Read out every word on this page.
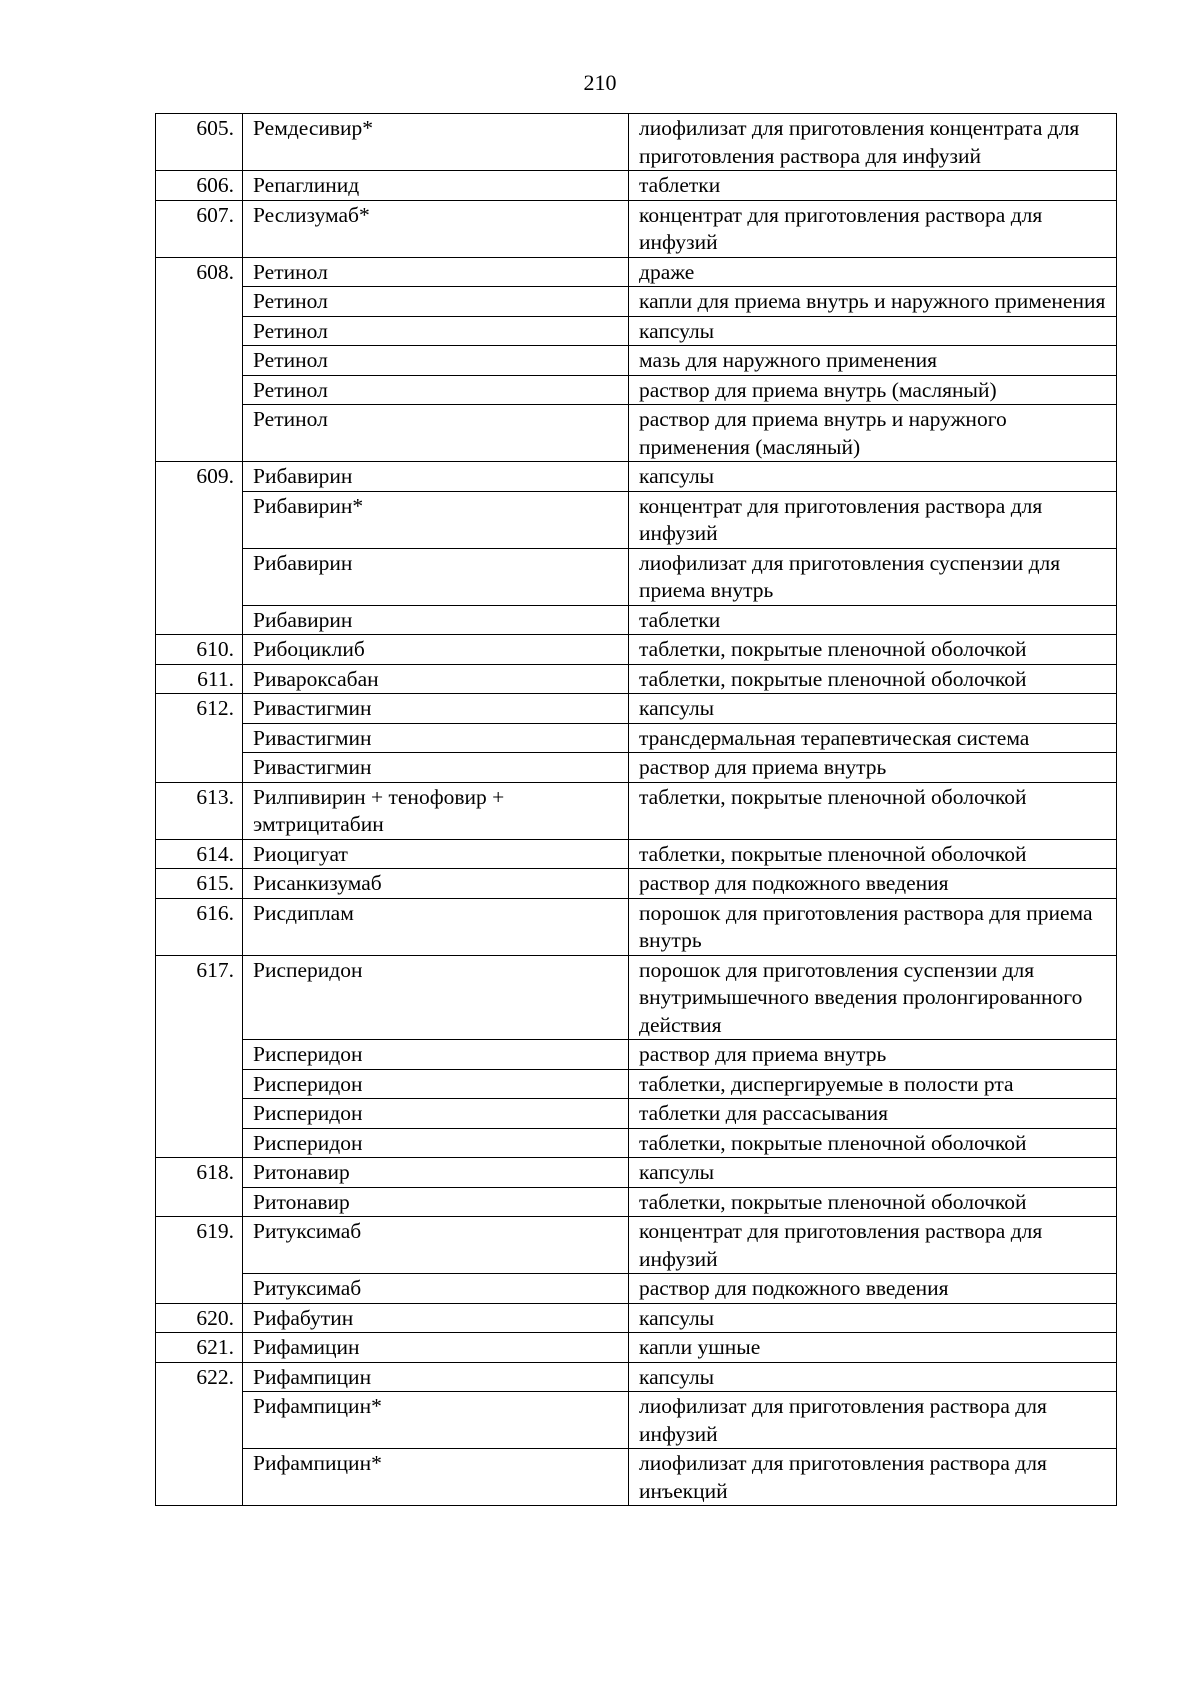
210
605.	Ремдесивир*	лиофилизат для приготовления концентрата для приготовления раствора для инфузий
606.	Репаглинид	таблетки
607.	Реслизумаб*	концентрат для приготовления раствора для инфузий
608.	Ретинол	драже
	Ретинол	капли для приема внутрь и наружного применения
	Ретинол	капсулы
	Ретинол	мазь для наружного применения
	Ретинол	раствор для приема внутрь (масляный)
	Ретинол	раствор для приема внутрь и наружного применения (масляный)
609.	Рибавирин	капсулы
	Рибавирин*	концентрат для приготовления раствора для инфузий
	Рибавирин	лиофилизат для приготовления суспензии для приема внутрь
	Рибавирин	таблетки
610.	Рибоциклиб	таблетки, покрытые пленочной оболочкой
611.	Ривароксабан	таблетки, покрытые пленочной оболочкой
612.	Ривастигмин	капсулы
	Ривастигмин	трансдермальная терапевтическая система
	Ривастигмин	раствор для приема внутрь
613.	Рилпивирин + тенофовир + эмтрицитабин	таблетки, покрытые пленочной оболочкой
614.	Риоцигуат	таблетки, покрытые пленочной оболочкой
615.	Рисанкизумаб	раствор для подкожного введения
616.	Рисдиплам	порошок для приготовления раствора для приема внутрь
617.	Рисперидон	порошок для приготовления суспензии для внутримышечного введения пролонгированного действия
	Рисперидон	раствор для приема внутрь
	Рисперидон	таблетки, диспергируемые в полости рта
	Рисперидон	таблетки для рассасывания
	Рисперидон	таблетки, покрытые пленочной оболочкой
618.	Ритонавир	капсулы
	Ритонавир	таблетки, покрытые пленочной оболочкой
619.	Ритуксимаб	концентрат для приготовления раствора для инфузий
	Ритуксимаб	раствор для подкожного введения
620.	Рифабутин	капсулы
621.	Рифамицин	капли ушные
622.	Рифампицин	капсулы
	Рифампицин*	лиофилизат для приготовления раствора для инфузий
	Рифампицин*	лиофилизат для приготовления раствора для инъекций
